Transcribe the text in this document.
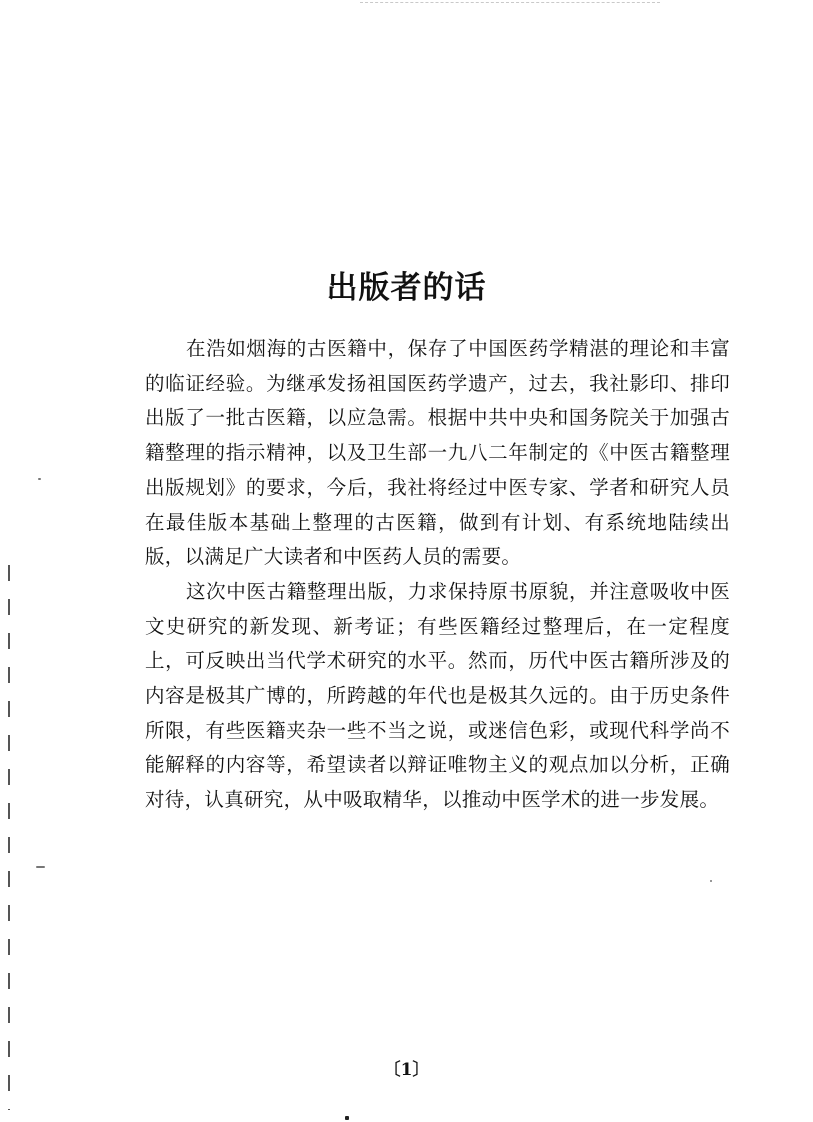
出版者的话

在浩如烟海的古医籍中，保存了中国医药学精湛的理论和丰富的临证经验。为继承发扬祖国医药学遗产，过去，我社影印、排印出版了一批古医籍，以应急需。根据中共中央和国务院关于加强古籍整理的指示精神，以及卫生部一九八二年制定的《中医古籍整理出版规划》的要求，今后，我社将经过中医专家、学者和研究人员在最佳版本基础上整理的古医籍，做到有计划、有系统地陆续出版，以满足广大读者和中医药人员的需要。

这次中医古籍整理出版，力求保持原书原貌，并注意吸收中医文史研究的新发现、新考证；有些医籍经过整理后，在一定程度上，可反映出当代学术研究的水平。然而，历代中医古籍所涉及的内容是极其广博的，所跨越的年代也是极其久远的。由于历史条件所限，有些医籍夹杂一些不当之说，或迷信色彩，或现代科学尚不能解释的内容等，希望读者以辩证唯物主义的观点加以分析，正确对待，认真研究，从中吸取精华，以推动中医学术的进一步发展。

〔1〕
